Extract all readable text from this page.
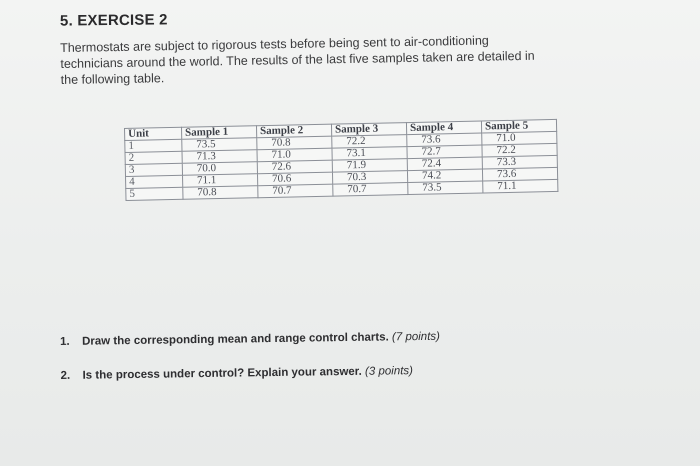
5. EXERCISE 2

Thermostats are subject to rigorous tests before being sent to air-conditioning

technicians around the world. The results of the last five samples taken are detailed in

the following table.

Unit	Sample 1	Sample 2	Sample 3	Sample 4	Sample 5
1	73.5	70.8	72.2	73.6	71.0
2	71.3	71.0	73.1	72.7	72.2
3	70.0	72.6	71.9	72.4	73.3
4	71.1	70.6	70.3	74.2	73.6
5	70.8	70.7	70.7	73.5	71.1
1.	Draw the corresponding mean and range control charts. (7 points)
2.	Is the process under control? Explain your answer. (3 points)
